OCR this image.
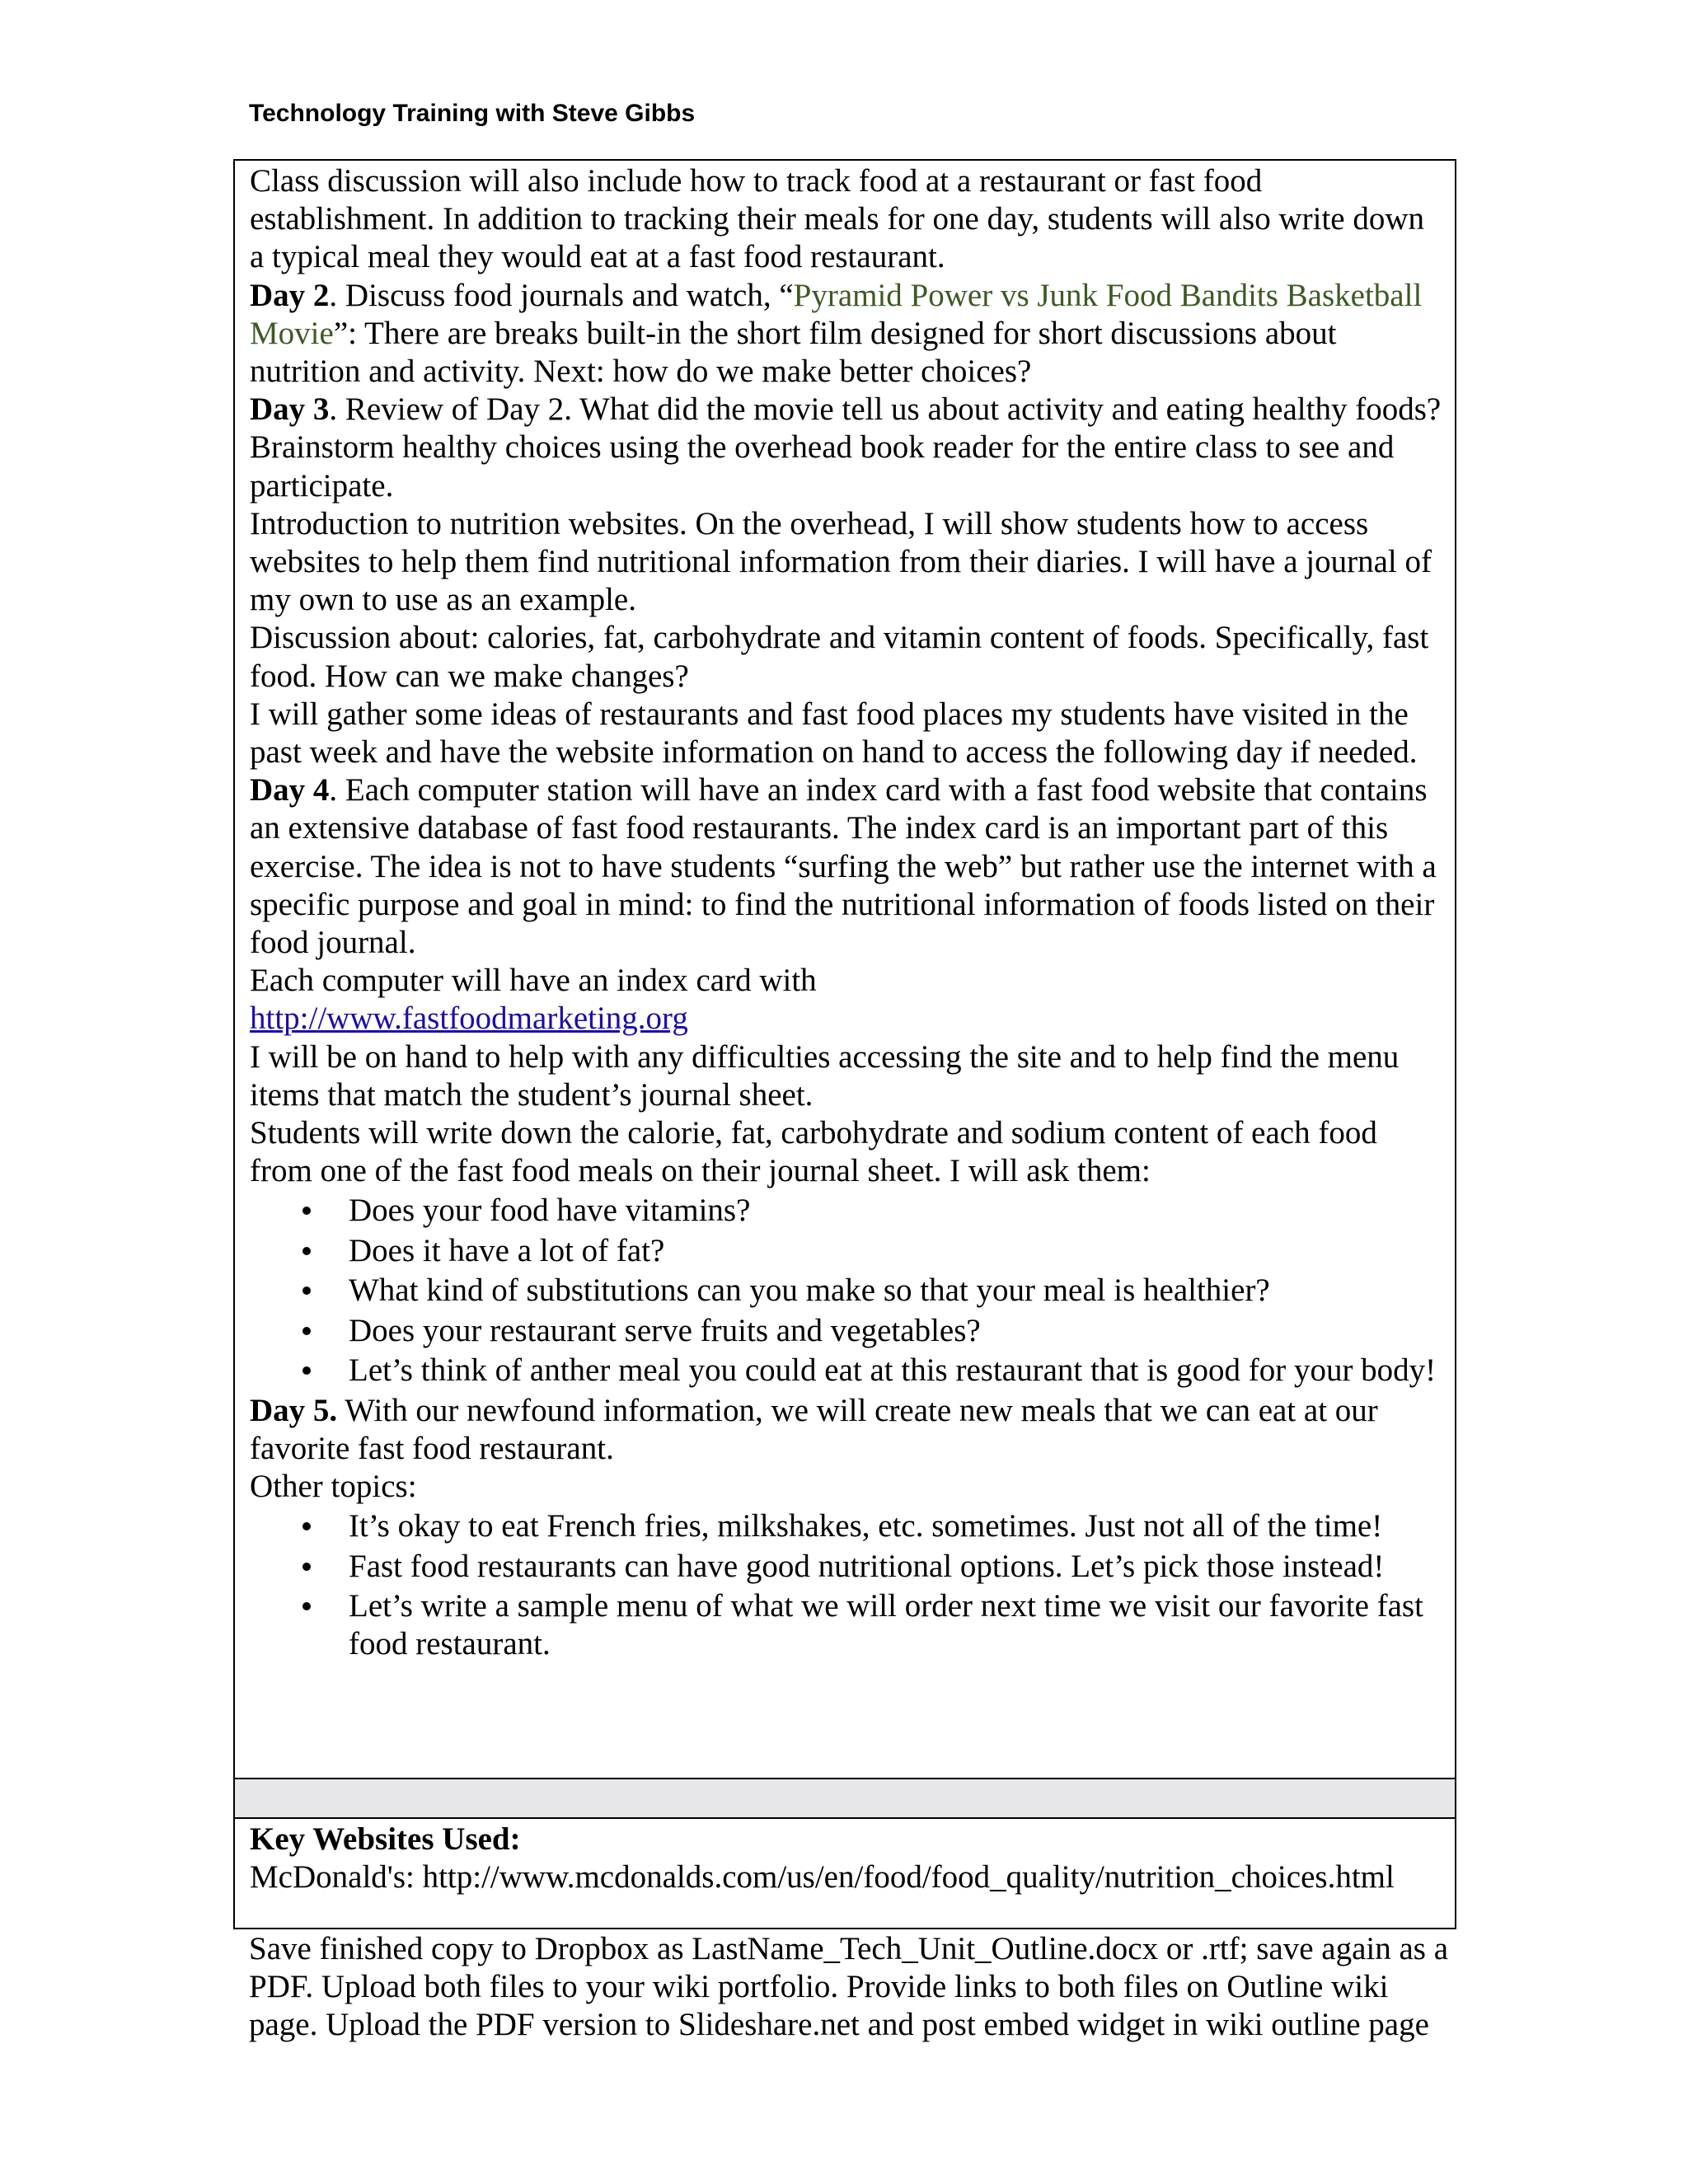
Technology Training with Steve Gibbs

Class discussion will also include how to track food at a restaurant or fast food establishment. In addition to tracking their meals for one day, students will also write down a typical meal they would eat at a fast food restaurant.

Day 2. Discuss food journals and watch, “Pyramid Power vs Junk Food Bandits Basketball Movie”: There are breaks built-in the short film designed for short discussions about nutrition and activity. Next: how do we make better choices?

Day 3. Review of Day 2. What did the movie tell us about activity and eating healthy foods? Brainstorm healthy choices using the overhead book reader for the entire class to see and participate.

Introduction to nutrition websites. On the overhead, I will show students how to access websites to help them find nutritional information from their diaries. I will have a journal of my own to use as an example.

Discussion about: calories, fat, carbohydrate and vitamin content of foods. Specifically, fast food. How can we make changes?

I will gather some ideas of restaurants and fast food places my students have visited in the past week and have the website information on hand to access the following day if needed.

Day 4. Each computer station will have an index card with a fast food website that contains an extensive database of fast food restaurants. The index card is an important part of this exercise. The idea is not to have students “surfing the web” but rather use the internet with a specific purpose and goal in mind: to find the nutritional information of foods listed on their food journal.

Each computer will have an index card with

http://www.fastfoodmarketing.org

I will be on hand to help with any difficulties accessing the site and to help find the menu items that match the student’s journal sheet.

Students will write down the calorie, fat, carbohydrate and sodium content of each food from one of the fast food meals on their journal sheet. I will ask them:

Does your food have vitamins?
Does it have a lot of fat?
What kind of substitutions can you make so that your meal is healthier?
Does your restaurant serve fruits and vegetables?
Let’s think of anther meal you could eat at this restaurant that is good for your body!

Day 5. With our newfound information, we will create new meals that we can eat at our favorite fast food restaurant.

Other topics:

It’s okay to eat French fries, milkshakes, etc. sometimes. Just not all of the time!
Fast food restaurants can have good nutritional options. Let’s pick those instead!
Let’s write a sample menu of what we will order next time we visit our favorite fast food restaurant.

Key Websites Used:

McDonald's: http://www.mcdonalds.com/us/en/food/food_quality/nutrition_choices.html

Save finished copy to Dropbox as LastName_Tech_Unit_Outline.docx or .rtf; save again as a PDF. Upload both files to your wiki portfolio. Provide links to both files on Outline wiki page. Upload the PDF version to Slideshare.net and post embed widget in wiki outline page
